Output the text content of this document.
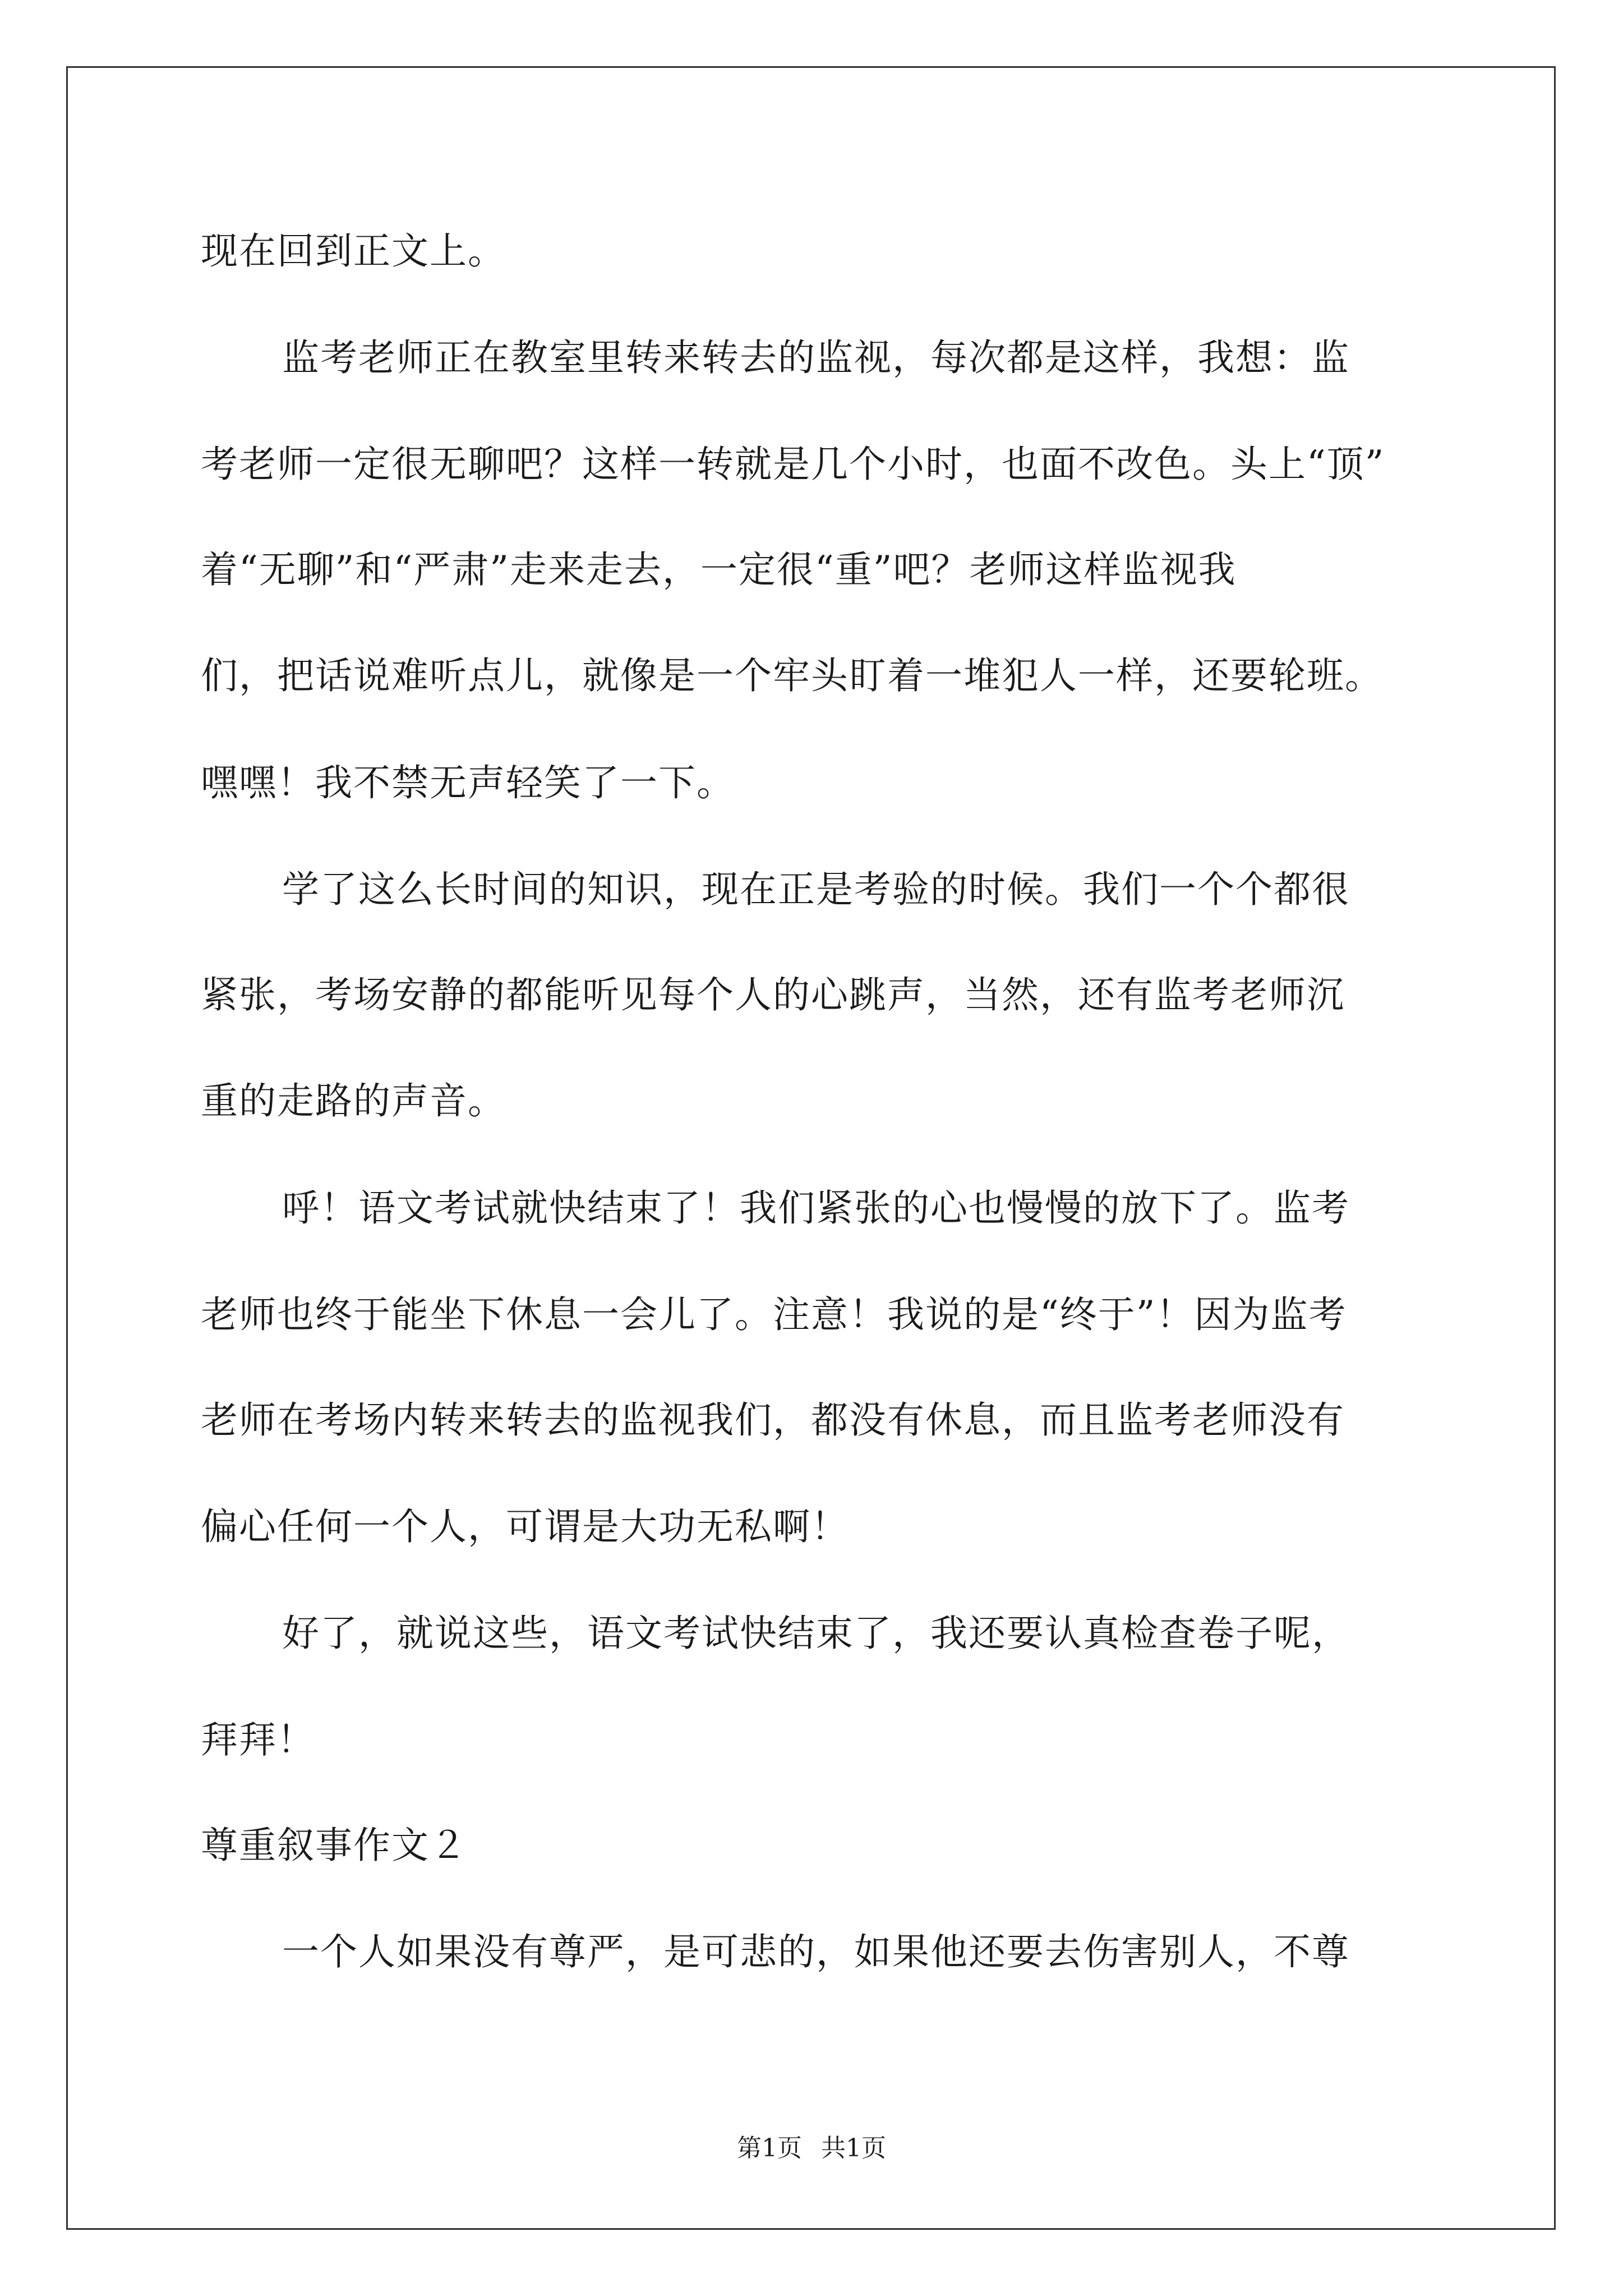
现在回到正文上。
监考老师正在教室里转来转去的监视，每次都是这样，我想：监
考老师一定很无聊吧？这样一转就是几个小时，也面不改色。头上“顶”
着“无聊”和“严肃”走来走去，一定很“重”吧？老师这样监视我
们，把话说难听点儿，就像是一个牢头盯着一堆犯人一样，还要轮班。
嘿嘿！我不禁无声轻笑了一下。
学了这么长时间的知识，现在正是考验的时候。我们一个个都很
紧张，考场安静的都能听见每个人的心跳声，当然，还有监考老师沉
重的走路的声音。
呼！语文考试就快结束了！我们紧张的心也慢慢的放下了。监考
老师也终于能坐下休息一会儿了。注意！我说的是“终于”！因为监考
老师在考场内转来转去的监视我们，都没有休息，而且监考老师没有
偏心任何一个人，可谓是大功无私啊！
好了，就说这些，语文考试快结束了，我还要认真检查卷子呢，
拜拜！
尊重叙事作文２
一个人如果没有尊严，是可悲的，如果他还要去伤害别人，不尊
第1页 共1页
